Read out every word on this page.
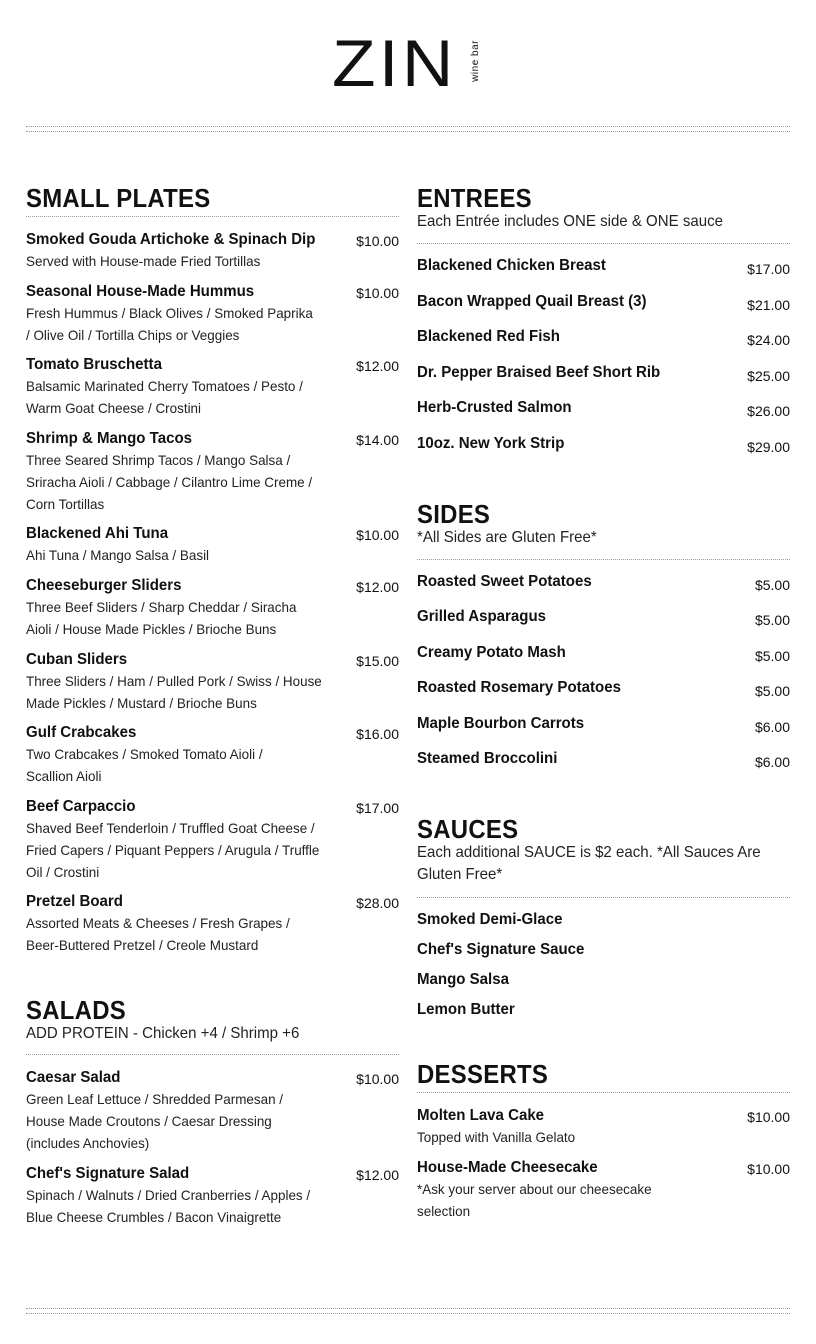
ZIN wine bar
SMALL PLATES
Smoked Gouda Artichoke & Spinach Dip
Served with House-made Fried Tortillas
$10.00
Seasonal House-Made Hummus
Fresh Hummus / Black Olives / Smoked Paprika / Olive Oil / Tortilla Chips or Veggies
$10.00
Tomato Bruschetta
Balsamic Marinated Cherry Tomatoes / Pesto / Warm Goat Cheese / Crostini
$12.00
Shrimp & Mango Tacos
Three Seared Shrimp Tacos / Mango Salsa / Sriracha Aioli / Cabbage / Cilantro Lime Creme / Corn Tortillas
$14.00
Blackened Ahi Tuna
Ahi Tuna / Mango Salsa / Basil
$10.00
Cheeseburger Sliders
Three Beef Sliders / Sharp Cheddar / Siracha Aioli / House Made Pickles / Brioche Buns
$12.00
Cuban Sliders
Three Sliders / Ham / Pulled Pork / Swiss / House Made Pickles / Mustard / Brioche Buns
$15.00
Gulf Crabcakes
Two Crabcakes / Smoked Tomato Aioli / Scallion Aioli
$16.00
Beef Carpaccio
Shaved Beef Tenderloin / Truffled Goat Cheese / Fried Capers / Piquant Peppers / Arugula / Truffle Oil / Crostini
$17.00
Pretzel Board
Assorted Meats & Cheeses / Fresh Grapes / Beer-Buttered Pretzel / Creole Mustard
$28.00
SALADS
ADD PROTEIN - Chicken +4 / Shrimp +6
Caesar Salad
Green Leaf Lettuce / Shredded Parmesan / House Made Croutons / Caesar Dressing (includes Anchovies)
$10.00
Chef's Signature Salad
Spinach / Walnuts / Dried Cranberries / Apples / Blue Cheese Crumbles / Bacon Vinaigrette
$12.00
ENTREES
Each Entrée includes ONE side & ONE sauce
Blackened Chicken Breast	$17.00
Bacon Wrapped Quail Breast (3)	$21.00
Blackened Red Fish	$24.00
Dr. Pepper Braised Beef Short Rib	$25.00
Herb-Crusted Salmon	$26.00
10oz. New York Strip	$29.00
SIDES
*All Sides are Gluten Free*
Roasted Sweet Potatoes	$5.00
Grilled Asparagus	$5.00
Creamy Potato Mash	$5.00
Roasted Rosemary Potatoes	$5.00
Maple Bourbon Carrots	$6.00
Steamed Broccolini	$6.00
SAUCES
Each additional SAUCE is $2 each. *All Sauces Are Gluten Free*
Smoked Demi-Glace
Chef's Signature Sauce
Mango Salsa
Lemon Butter
DESSERTS
Molten Lava Cake
Topped with Vanilla Gelato
$10.00
House-Made Cheesecake
*Ask your server about our cheesecake selection
$10.00
